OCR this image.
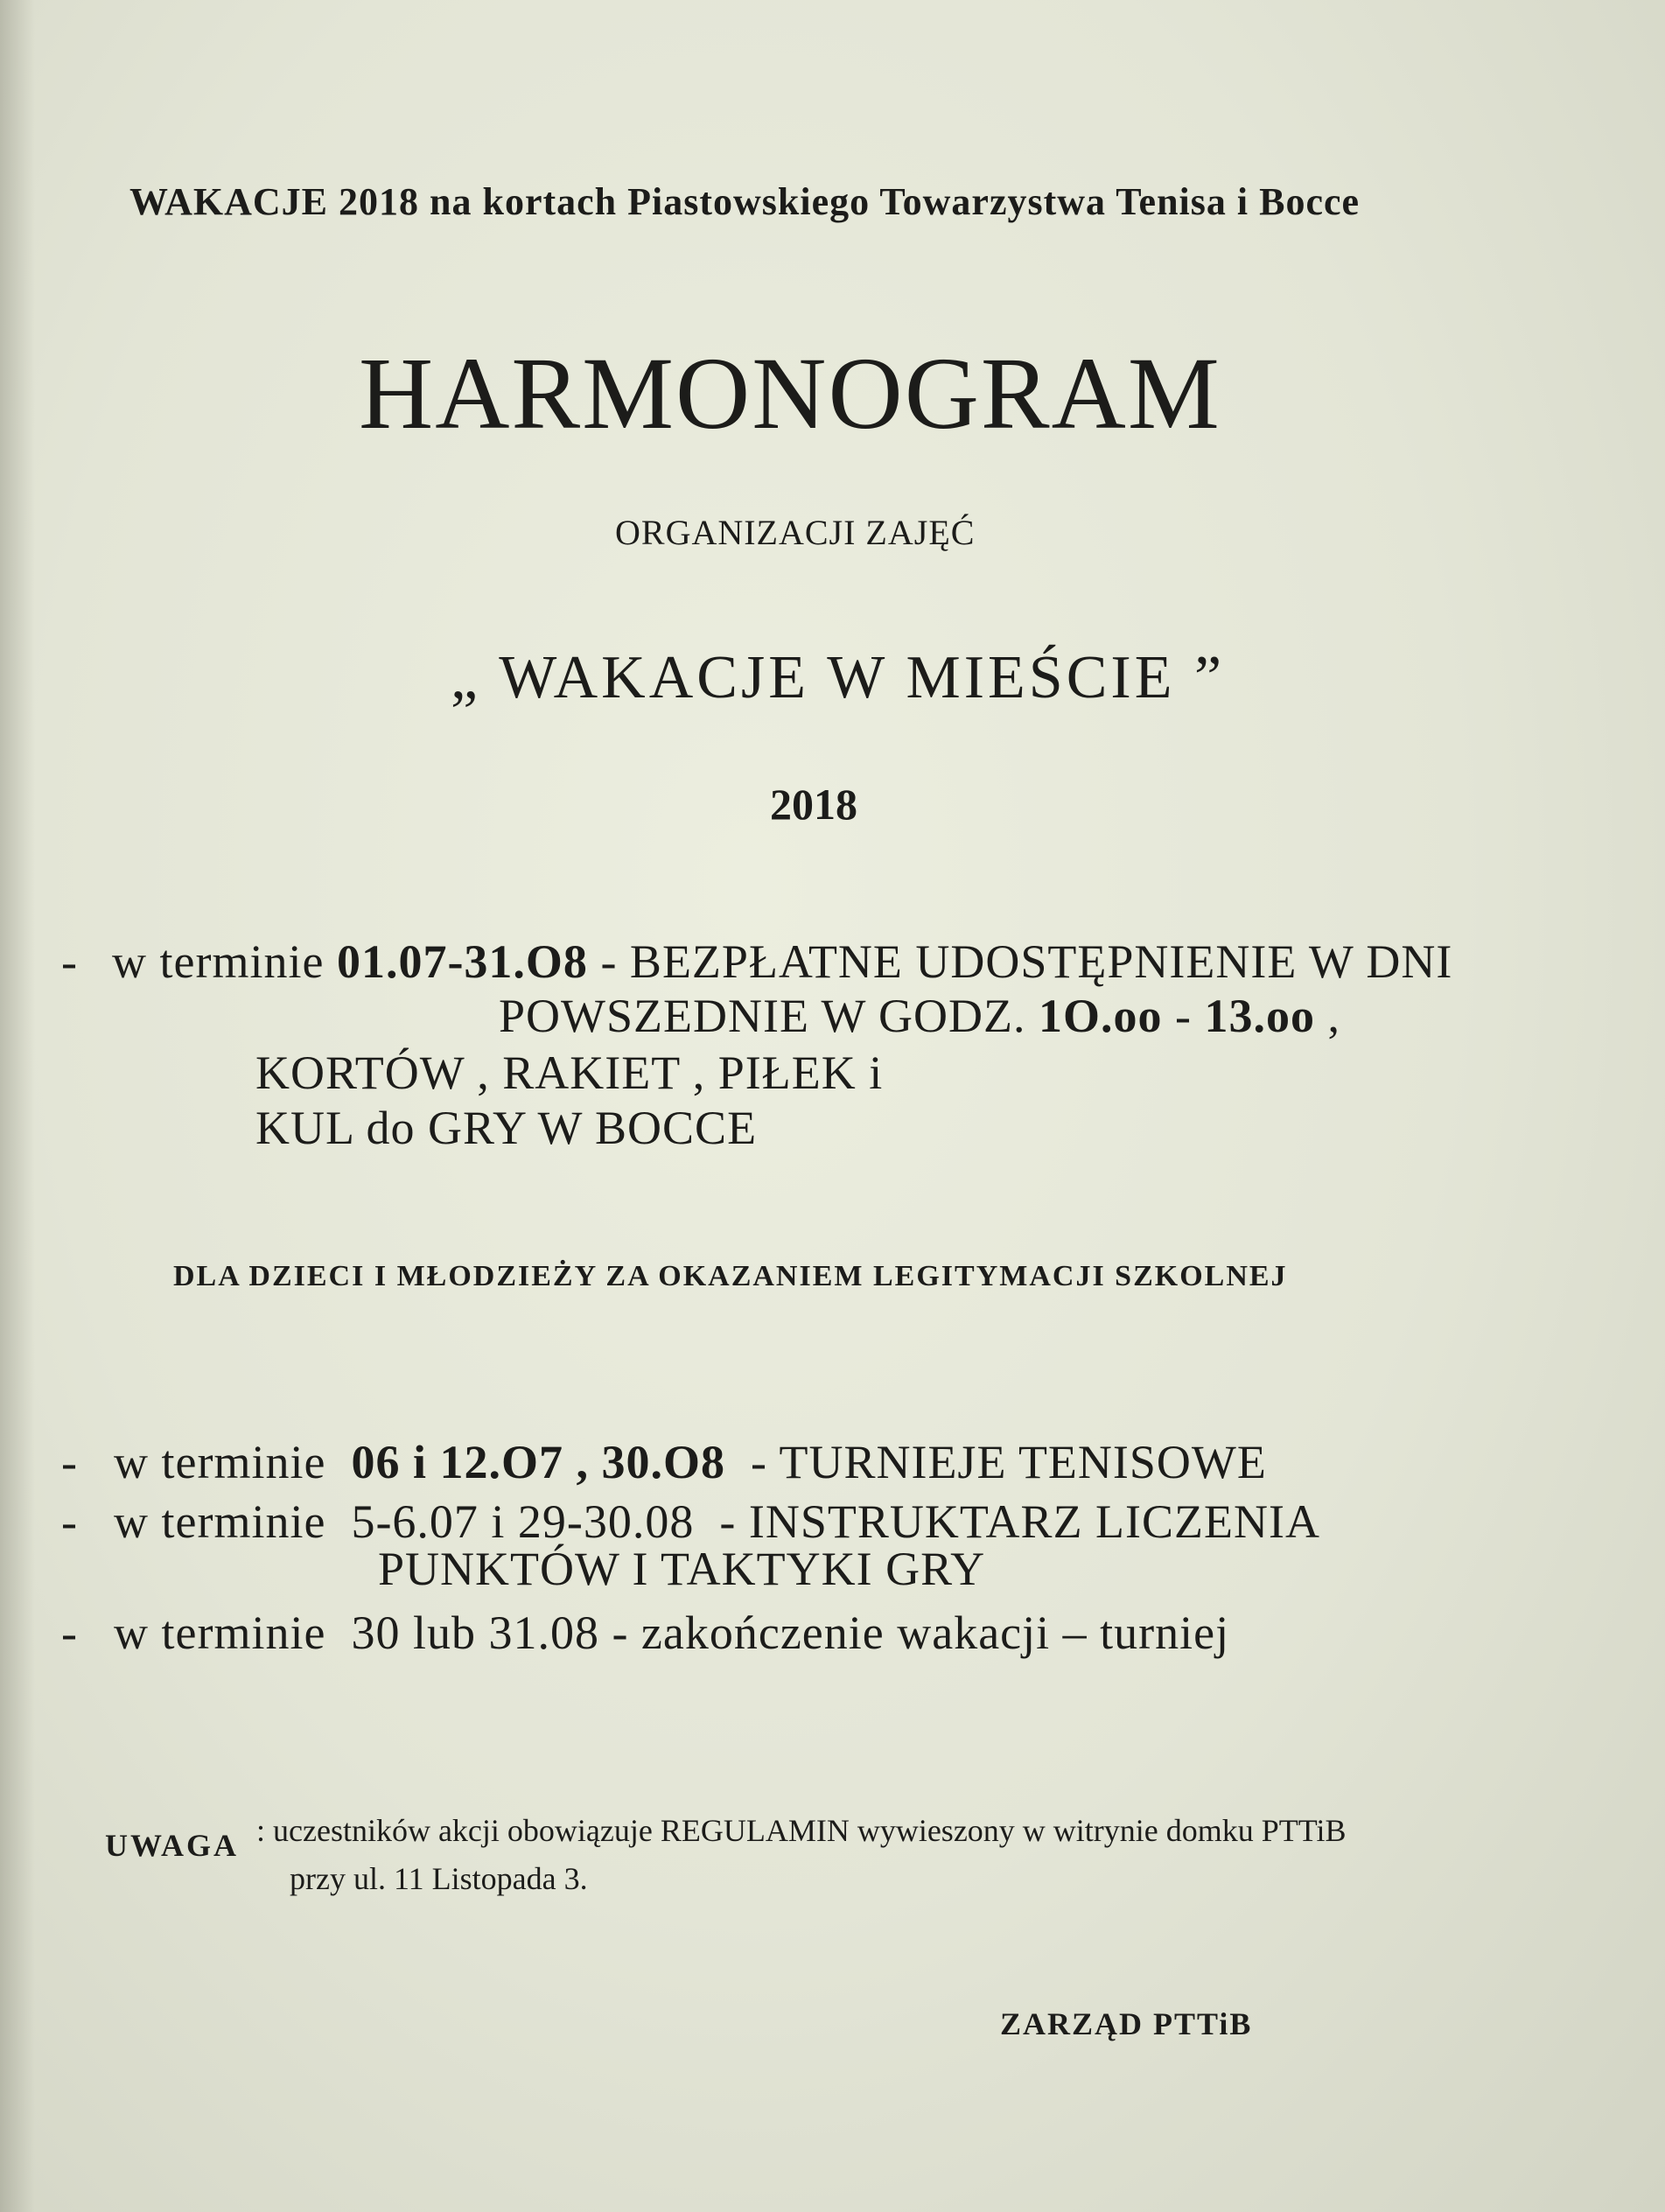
WAKACJE 2018 na kortach Piastowskiego Towarzystwa Tenisa i Bocce
HARMONOGRAM
ORGANIZACJI ZAJĘĆ
„ WAKACJE W MIEŚCIE ”
2018
- w terminie 01.07-31.O8 - BEZPŁATNE UDOSTĘPNIENIE W DNI
POWSZEDNIE W GODZ. 1O.oo - 13.oo ,
KORTÓW , RAKIET , PIŁEK i
KUL do GRY W BOCCE
DLA DZIECI I MŁODZIEŻY ZA OKAZANIEM LEGITYMACJI SZKOLNEJ
- w terminie 06 i 12.O7 , 30.O8 - TURNIEJE TENISOWE
- w terminie 5-6.07 i 29-30.08 - INSTRUKTARZ LICZENIA
PUNKTÓW I TAKTYKI GRY
- w terminie 30 lub 31.08 - zakończenie wakacji – turniej
UWAGA : uczestników akcji obowiązuje REGULAMIN wywieszony w witrynie domku PTTiB
przy ul. 11 Listopada 3.
ZARZĄD PTTiB
